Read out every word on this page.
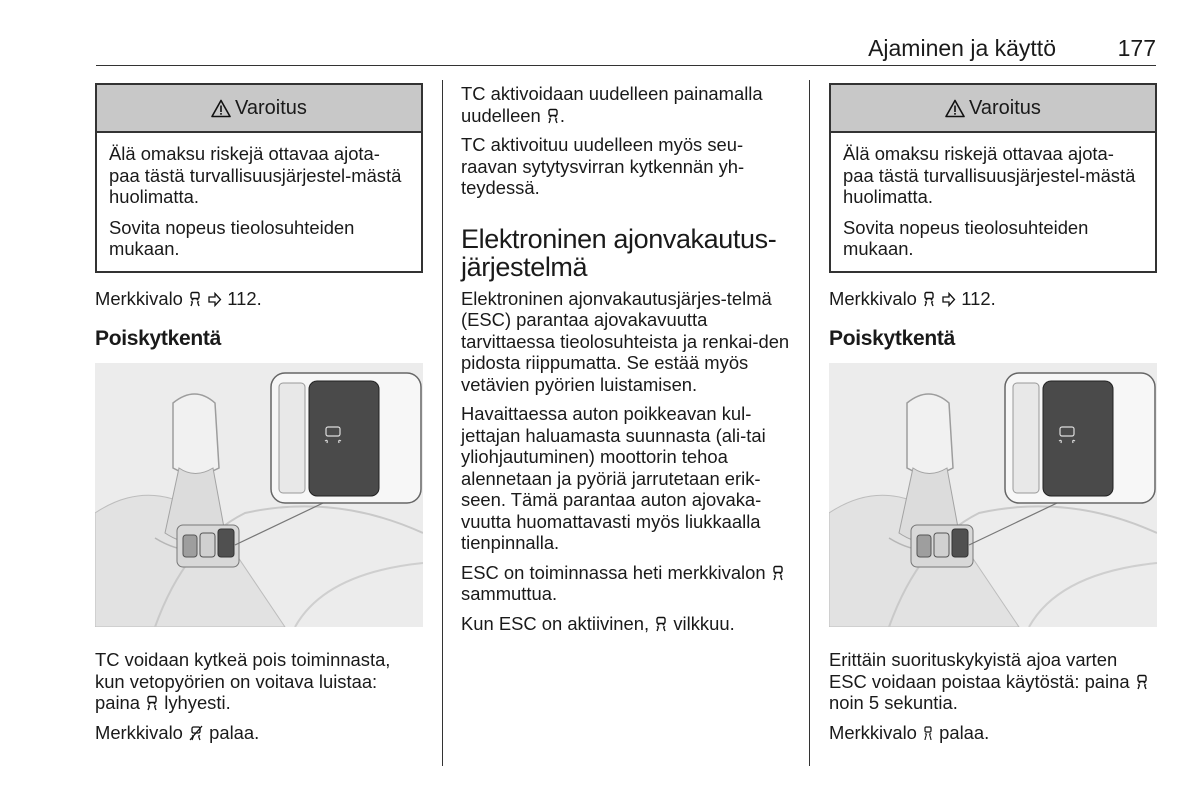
Ajaminen ja käyttö	177
Varoitus

Älä omaksu riskejä ottavaa ajota-paa tästä turvallisuusjärjestel-mästä huolimatta.

Sovita nopeus tieolosuhteiden mukaan.

Merkkivalo 112.

Poiskytkentä

TC voidaan kytkeä pois toiminnasta, kun vetopyörien on voitava luistaa: paina lyhyesti.

Merkkivalo palaa.

TC aktivoidaan uudelleen painamalla uudelleen .

TC aktivoituu uudelleen myös seu-raavan sytytysvirran kytkennän yh-teydessä.

Elektroninen ajonvakautus-järjestelmä

Elektroninen ajonvakautusjärjes-telmä (ESC) parantaa ajovakavuutta tarvittaessa tieolosuhteista ja renkai-den pidosta riippumatta. Se estää myös vetävien pyörien luistamisen.

Havaittaessa auton poikkeavan kul-jettajan haluamasta suunnasta (ali-tai yliohjautuminen) moottorin tehoa alennetaan ja pyöriä jarrutetaan erik-seen. Tämä parantaa auton ajovaka-vuutta huomattavasti myös liukkaalla tienpinnalla.

ESC on toiminnassa heti merkkivalon  sammuttua.

Kun ESC on aktiivinen, vilkkuu.

Varoitus

Älä omaksu riskejä ottavaa ajota-paa tästä turvallisuusjärjestel-mästä huolimatta.

Sovita nopeus tieolosuhteiden mukaan.

Merkkivalo 112.

Poiskytkentä

Erittäin suorituskykyistä ajoa varten ESC voidaan poistaa käytöstä: paina  noin 5 sekuntia.

Merkkivalo palaa.
